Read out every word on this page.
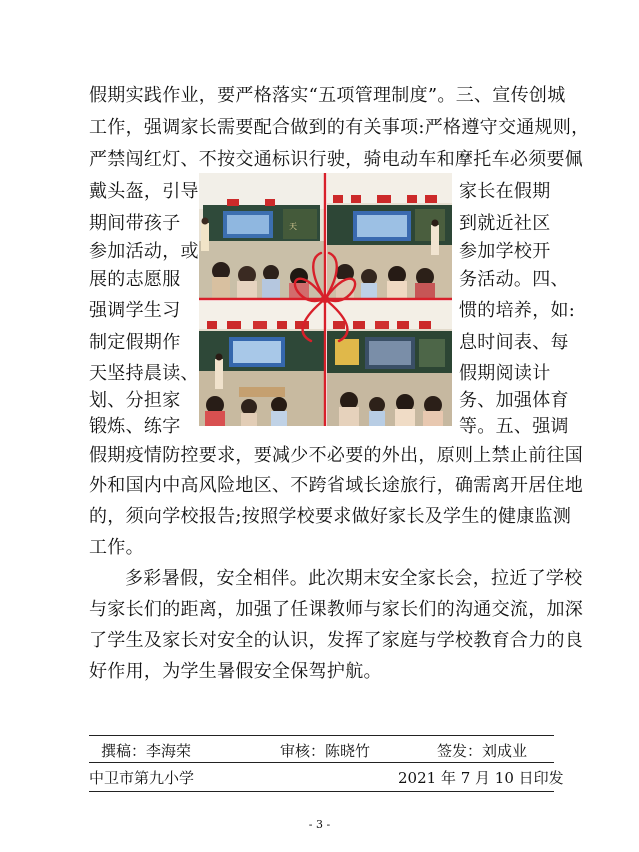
假期实践作业，要严格落实“五项管理制度”。三、宣传创城
工作，强调家长需要配合做到的有关事项:严格遵守交通规则，
严禁闯红灯、不按交通标识行驶，骑电动车和摩托车必须要佩
戴头盔，引导	家长在假期
期间带孩子	到就近社区
参加活动，或	参加学校开
展的志愿服	务活动。四、
强调学生习	惯的培养，如:
制定假期作	息时间表、每
天坚持晨读、	假期阅读计
划、分担家	务、加强体育
锻炼、练字	等。五、强调
假期疫情防控要求，要减少不必要的外出，原则上禁止前往国
外和国内中高风险地区、不跨省域长途旅行，确需离开居住地
的，须向学校报告;按照学校要求做好家长及学生的健康监测
工作。
多彩暑假，安全相伴。此次期末安全家长会，拉近了学校
与家长们的距离，加强了任课教师与家长们的沟通交流，加深
了学生及家长对安全的认识，发挥了家庭与学校教育合力的良
好作用，为学生暑假安全保驾护航。
天
撰稿：李海荣	审核：陈晓竹	签发：刘成业
中卫市第九小学	2021 年 7 月 10 日印发
- 3 -
